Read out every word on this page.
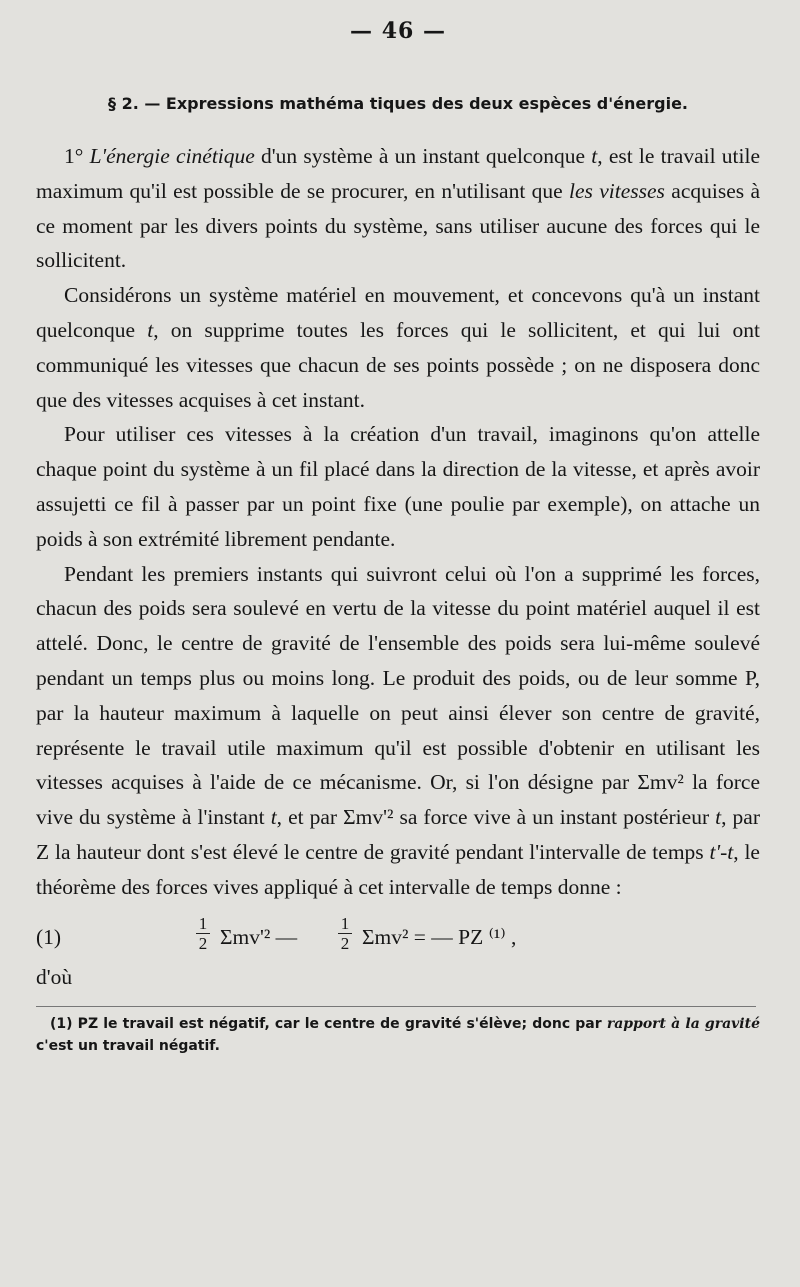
— 46 —
§ 2. — Expressions mathéma tiques des deux espèces d'énergie.

1° L'énergie cinétique d'un système à un instant quelconque t, est le travail utile maximum qu'il est possible de se procurer, en n'utilisant que les vitesses acquises à ce moment par les divers points du système, sans utiliser aucune des forces qui le sollicitent.

Considérons un système matériel en mouvement, et concevons qu'à un instant quelconque t, on supprime toutes les forces qui le sollicitent, et qui lui ont communiqué les vitesses que chacun de ses points possède ; on ne disposera donc que des vitesses acquises à cet instant.

Pour utiliser ces vitesses à la création d'un travail, imaginons qu'on attelle chaque point du système à un fil placé dans la direction de la vitesse, et après avoir assujetti ce fil à passer par un point fixe (une poulie par exemple), on attache un poids à son extrémité librement pendante.

Pendant les premiers instants qui suivront celui où l'on a supprimé les forces, chacun des poids sera soulevé en vertu de la vitesse du point matériel auquel il est attelé. Donc, le centre de gravité de l'ensemble des poids sera lui-même soulevé pendant un temps plus ou moins long. Le produit des poids, ou de leur somme P, par la hauteur maximum à laquelle on peut ainsi élever son centre de gravité, représente le travail utile maximum qu'il est possible d'obtenir en utilisant les vitesses acquises à l'aide de ce mécanisme. Or, si l'on désigne par Σmv² la force vive du système à l'instant t, et par Σmv'² sa force vive à un instant postérieur t, par Z la hauteur dont s'est élevé le centre de gravité pendant l'intervalle de temps t'-t, le théorème des forces vives appliqué à cet intervalle de temps donne :

(1)	$\frac{1}{2} \Sigma mv'^2$ — $\frac{1}{2} \Sigma mv^2$ = — PZ ⁽¹⁾ ,

d'où

(1) PZ le travail est négatif, car le centre de gravité s'élève; donc par rapport à la gravité c'est un travail négatif.
